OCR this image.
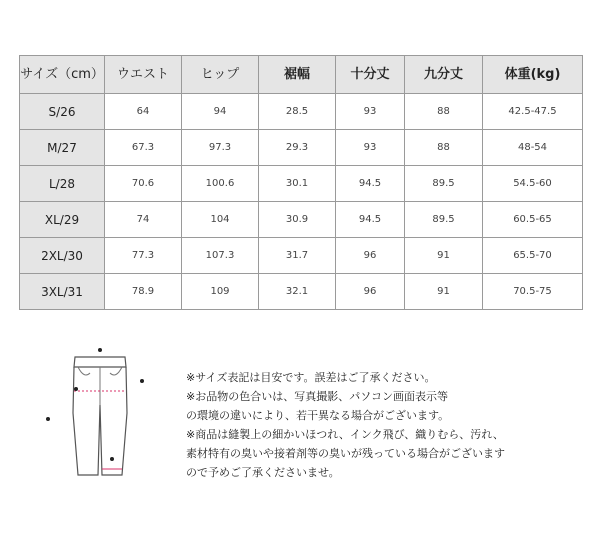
サイズ（cm）	ウエスト	ヒップ	裾幅	十分丈	九分丈	体重(kg)
S/26	64	94	28.5	93	88	42.5-47.5
M/27	67.3	97.3	29.3	93	88	48-54
L/28	70.6	100.6	30.1	94.5	89.5	54.5-60
XL/29	74	104	30.9	94.5	89.5	60.5-65
2XL/30	77.3	107.3	31.7	96	91	65.5-70
3XL/31	78.9	109	32.1	96	91	70.5-75
※サイズ表記は目安です。誤差はご了承ください。
※お品物の色合いは、写真撮影、パソコン画面表示等
の環境の違いにより、若干異なる場合がございます。
※商品は縫製上の細かいほつれ、インク飛び、織りむら、汚れ、
素材特有の臭いや接着剤等の臭いが残っている場合がございます
ので予めご了承くださいませ。
